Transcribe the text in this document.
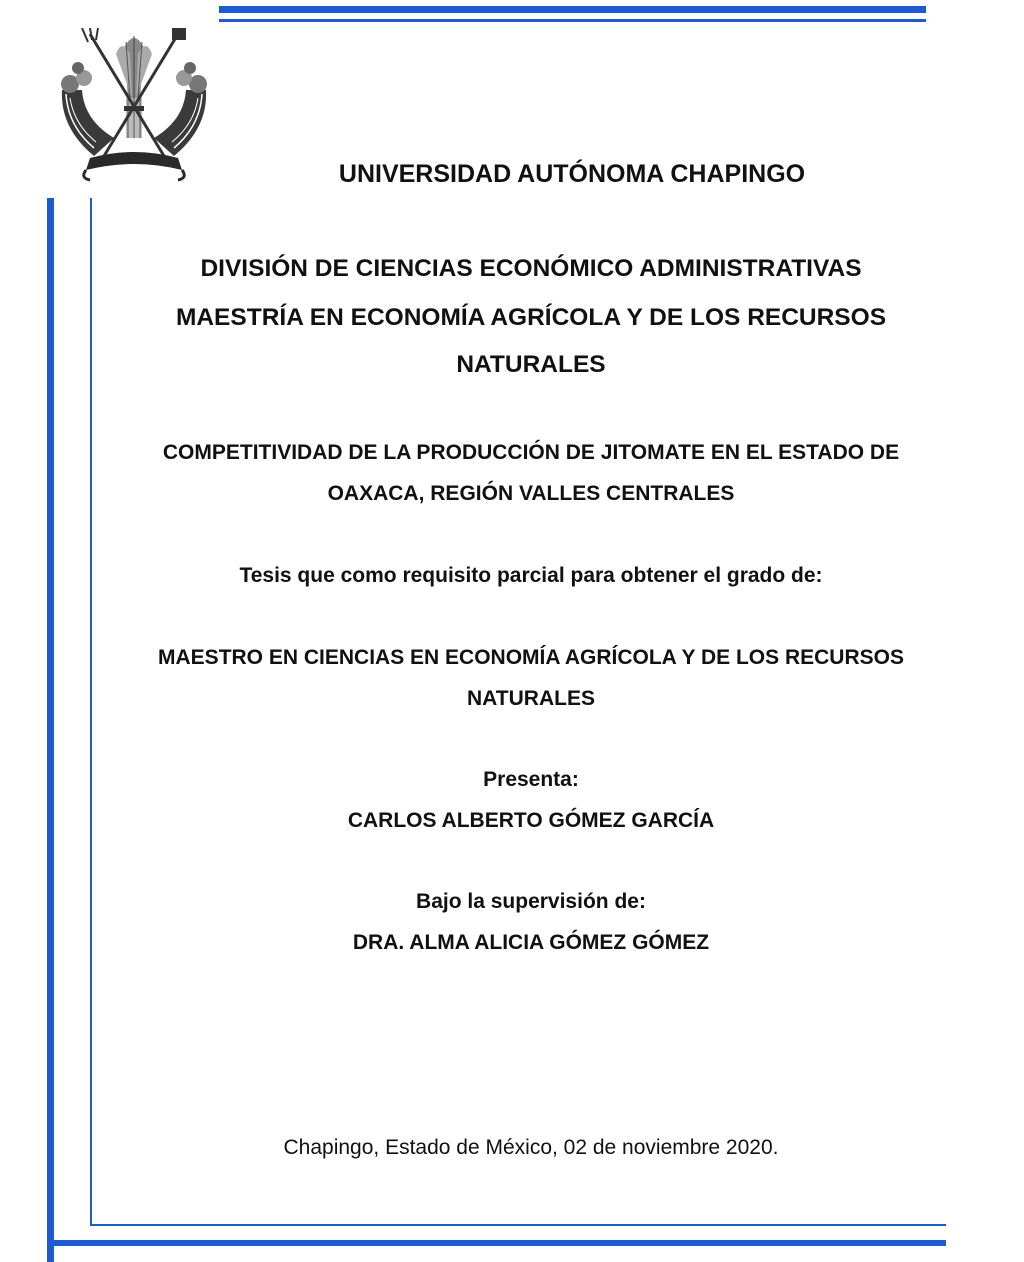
UNIVERSIDAD AUTÓNOMA CHAPINGO
DIVISIÓN DE CIENCIAS ECONÓMICO ADMINISTRATIVAS
MAESTRÍA EN ECONOMÍA AGRÍCOLA Y DE LOS RECURSOS
NATURALES
COMPETITIVIDAD DE LA PRODUCCIÓN DE JITOMATE EN EL ESTADO DE
OAXACA, REGIÓN VALLES CENTRALES
Tesis que como requisito parcial para obtener el grado de:
MAESTRO EN CIENCIAS EN ECONOMÍA AGRÍCOLA Y DE LOS RECURSOS
NATURALES
Presenta:
CARLOS ALBERTO GÓMEZ GARCÍA
Bajo la supervisión de:
DRA. ALMA ALICIA GÓMEZ GÓMEZ
Chapingo, Estado de México, 02 de noviembre 2020.
